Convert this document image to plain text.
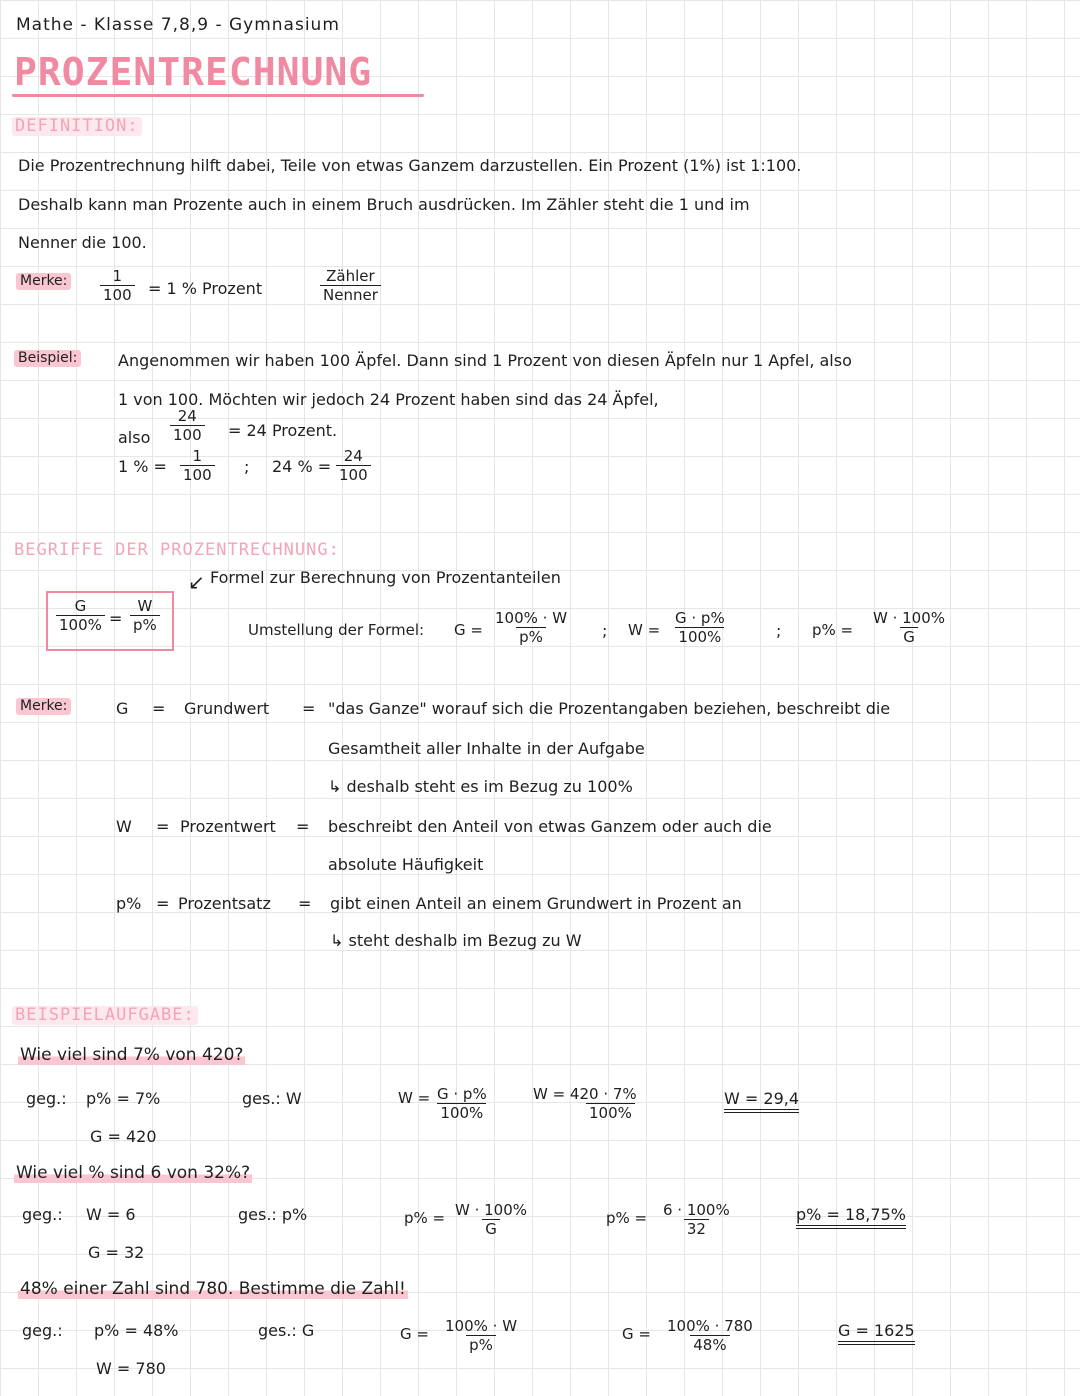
Mathe - Klasse 7,8,9 - Gymnasium
PROZENTRECHNUNG
DEFINITION:
Die Prozentrechnung hilft dabei, Teile von etwas Ganzem darzustellen. Ein Prozent (1%) ist 1:100.
Deshalb kann man Prozente auch in einem Bruch ausdrücken. Im Zähler steht die 1 und im
Nenner die 100.
Merke: $\frac{1}{100} = 1$ % Prozent
Zähler
Nenner
Beispiel:	Angenommen wir haben 100 Äpfel. Dann sind 1 Prozent von diesen Äpfeln nur 1 Apfel, also
1 von 100. Möchten wir jedoch 24 Prozent haben sind das 24 Äpfel,
also $\frac{24}{100} = 24$ Prozent.
1 % = $\frac{1}{100}$ ; 24 % = $\frac{24}{100}$
BEGRIFFE DER PROZENTRECHNUNG:
↙ Formel zur Berechnung von Prozentanteilen
$\frac{G}{100\%} = \frac{W}{p\%}$	Umstellung der Formel: $G = \frac{100\% \cdot W}{p\%}$ ; $W = \frac{G \cdot p\%}{100\%}$	; $p\% = \frac{W \cdot 100\%}{G}$
Merke:	G = Grundwert = "das Ganze" worauf sich die Prozentangaben beziehen, beschreibt die
Gesamtheit aller Inhalte in der Aufgabe
↳ deshalb steht es im Bezug zu 100%
W = Prozentwert = beschreibt den Anteil von etwas Ganzem oder auch die
absolute Häufigkeit
p% = Prozentsatz = gibt einen Anteil an einem Grundwert in Prozent an
↳ steht deshalb im Bezug zu W
BEISPIELAUFGABE:
Wie viel sind 7% von 420?
geg.: p% = 7%
G = 420
ges.: W	$W = \frac{G \cdot p\%}{100\%}$	$\frac{W = 420 \cdot 7\%}{100\%}$	W = 29,4
Wie viel % sind 6 von 32%?
geg.: W = 6
G = 32
ges.: p%	$p\% = \frac{W \cdot 100\%}{G}$	$p\% = \frac{6 \cdot 100\%}{32}$	p% = 18,75%
48% einer Zahl sind 780. Bestimme die Zahl!
geg.: p% = 48%
W = 780
ges.: G	$G = \frac{100\% \cdot W}{p\%}$	$G = \frac{100\% \cdot 780}{48\%}$	G = 1625
